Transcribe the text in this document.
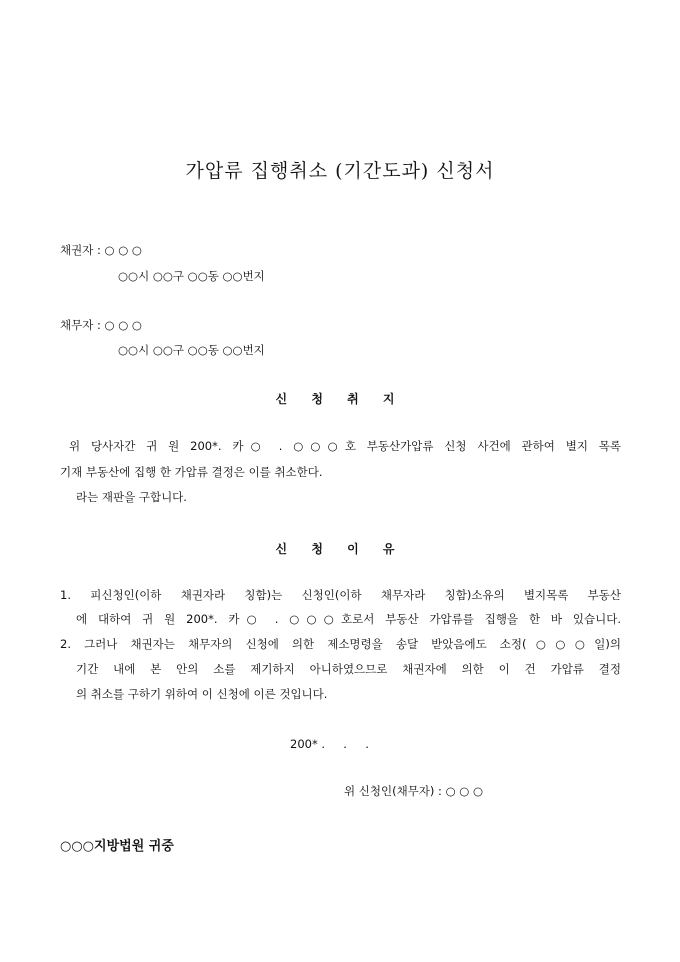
가압류 집행취소 (기간도과) 신청서
채권자 : ○ ○ ○
○○시 ○○구 ○○동 ○○번지
채무자 : ○ ○ ○
○○시 ○○구 ○○동 ○○번지
신 청 취 지
위 당사자간 귀 원 200*. 카○ . ○○○호 부동산가압류 신청 사건에 관하여 별지 목록
기재 부동산에 집행 한 가압류 결정은 이를 취소한다.
라는 재판을 구합니다.
신 청 이 유
1. 피신청인(이하 채권자라 칭함)는 신청인(이하 채무자라 칭함)소유의 별지목록 부동산
에 대하여 귀 원 200*. 카○ . ○○○호로서 부동산 가압류를 집행을 한 바 있습니다.
2. 그러나 채권자는 채무자의 신청에 의한 제소명령을 송달 받았음에도 소정(○○○일)의
기간 내에 본 안의 소를 제기하지 아니하였으므로 채권자에 의한 이 건 가압류 결정
의 취소를 구하기 위하여 이 신청에 이른 것입니다.
200* .     .     .
위 신청인(채무자) : ○ ○ ○
○○○지방법원 귀중
